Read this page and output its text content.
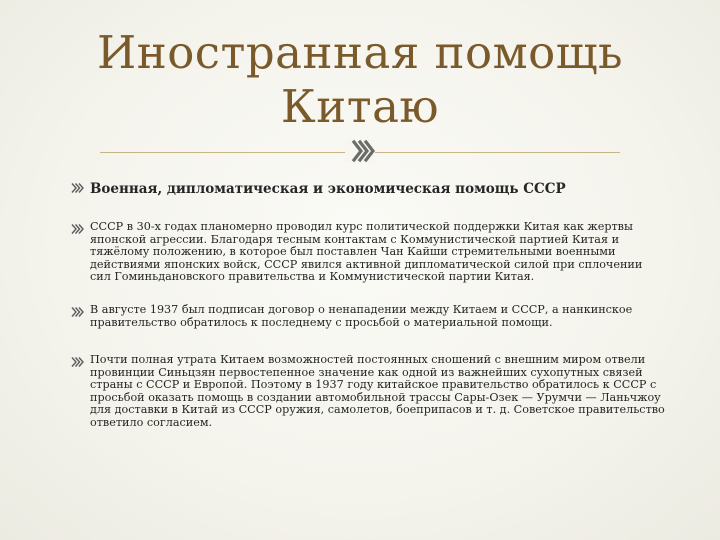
Иностранная помощь Китаю
Военная, дипломатическая и экономическая помощь СССР
СССР в 30-х годах планомерно проводил курс политической поддержки Китая как жертвы японской агрессии. Благодаря тесным контактам с Коммунистической партией Китая и тяжёлому положению, в которое был поставлен Чан Кайши стремительными военными действиями японских войск, СССР явился активной дипломатической силой при сплочении сил Гоминьдановского правительства и Коммунистической партии Китая.
В августе 1937 был подписан договор о ненападении между Китаем и СССР, а нанкинское правительство обратилось к последнему с просьбой о материальной помощи.
Почти полная утрата Китаем возможностей постоянных сношений с внешним миром отвели провинции Синьцзян первостепенное значение как одной из важнейших сухопутных связей страны с СССР и Европой. Поэтому в 1937 году китайское правительство обратилось к СССР с просьбой оказать помощь в создании автомобильной трассы Сары-Озек — Урумчи — Ланьчжоу для доставки в Китай из СССР оружия, самолетов, боеприпасов и т. д. Советское правительство ответило согласием.
